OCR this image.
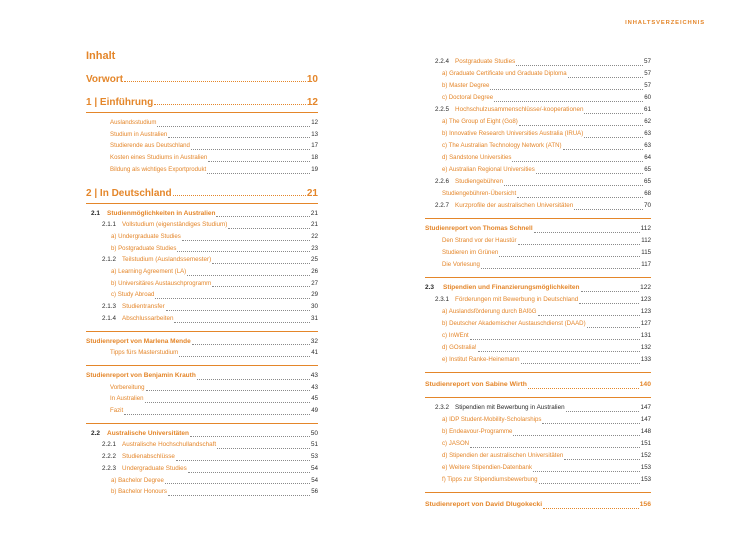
INHALTSVERZEICHNIS
Inhalt
Vorwort	10
1 | Einführung	12
Auslandsstudium	12
Studium in Australien	13
Studierende aus Deutschland	17
Kosten eines Studiums in Australien	18
Bildung als wichtiges Exportprodukt	19
2 | In Deutschland	21
2.1	Studienmöglichkeiten in Australien	21
2.1.1 Vollstudium (eigenständiges Studium)	21
a) Undergraduate Studies	22
b) Postgraduate Studies	23
2.1.2 Teilstudium (Auslandssemester)	25
a) Learning Agreement (LA)	26
b) Universitäres Austauschprogramm	27
c) Study Abroad	29
2.1.3 Studientransfer	30
2.1.4 Abschlussarbeiten	31
Studienreport von Marlena Mende	32
Tipps fürs Masterstudium	41
Studienreport von Benjamin Krauth	43
Vorbereitung	43
In Australien	45
Fazit	49
2.2	Australische Universitäten	50
2.2.1 Australische Hochschullandschaft	51
2.2.2 Studienabschlüsse	53
2.2.3 Undergraduate Studies	54
a) Bachelor Degree	54
b) Bachelor Honours	56
2.2.4 Postgraduate Studies	57
a) Graduate Certificate und Graduate Diploma	57
b) Master Degree	57
c) Doctoral Degree	60
2.2.5 Hochschulzusammenschlüsse/-kooperationen	61
a) The Group of Eight (Go8)	62
b) Innovative Research Universities Australia (IRUA)	63
c) The Australian Technology Network (ATN)	63
d) Sandstone Universities	64
e) Australian Regional Universities	65
2.2.6 Studiengebühren	65
Studiengebühren-Übersicht	68
2.2.7 Kurzprofile der australischen Universitäten	70
Studienreport von Thomas Schnell	112
Den Strand vor der Haustür	112
Studieren im Grünen	115
Die Vorlesung	117
2.3	Stipendien und Finanzierungsmöglichkeiten	122
2.3.1 Förderungen mit Bewerbung in Deutschland	123
a) Auslandsförderung durch BAföG	123
b) Deutscher Akademischer Austauschdienst (DAAD)	127
c) InWEnt	131
d) GOstralia!	132
e) Institut Ranke-Heinemann	133
Studienreport von Sabine Wirth	140
2.3.2 Stipendien mit Bewerbung in Australien	147
a) IDP Student-Mobility-Scholarships	147
b) Endeavour-Programme	148
c) JASON	151
d) Stipendien der australischen Universitäten	152
e) Weitere Stipendien-Datenbank	153
f) Tipps zur Stipendiumsbewerbung	153
Studienreport von David Dlugokecki	156
